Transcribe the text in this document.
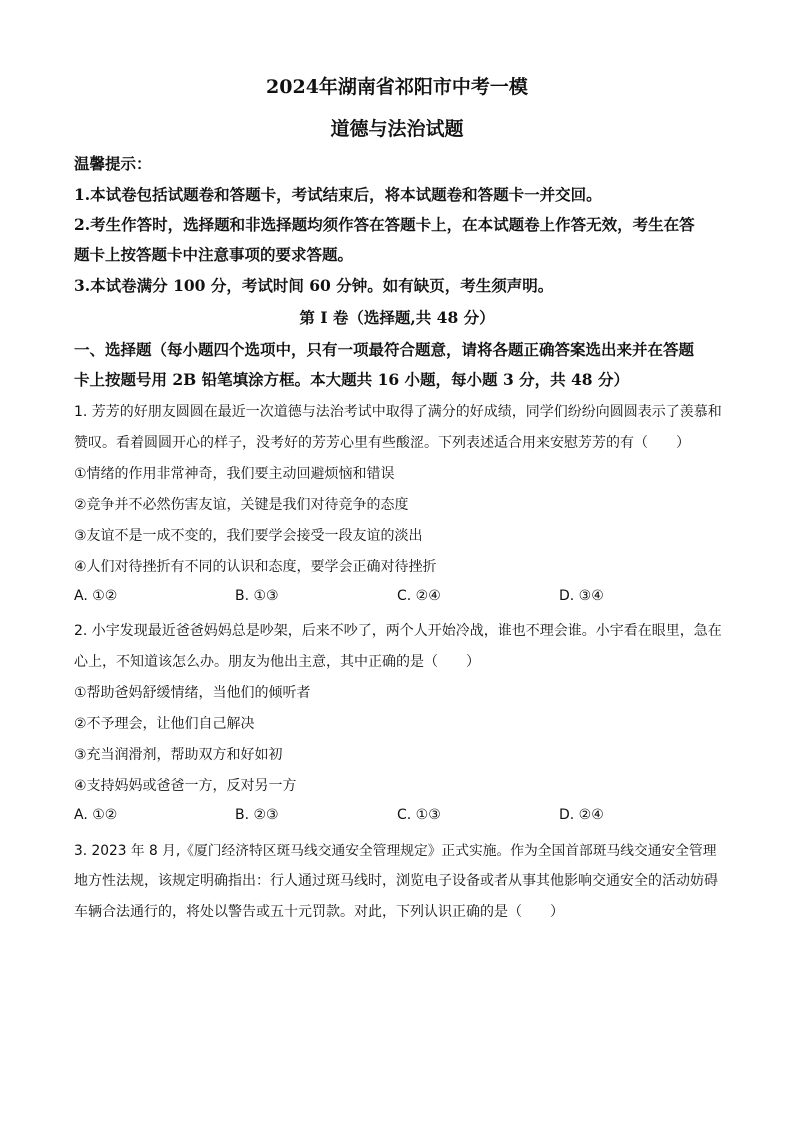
2024年湖南省祁阳市中考一模
道德与法治试题
温馨提示：
1.本试卷包括试题卷和答题卡，考试结束后，将本试题卷和答题卡一并交回。
2.考生作答时，选择题和非选择题均须作答在答题卡上，在本试题卷上作答无效，考生在答
题卡上按答题卡中注意事项的要求答题。
3.本试卷满分 100 分，考试时间 60 分钟。如有缺页，考生须声明。
第 I 卷（选择题,共 48 分）
一、选择题（每小题四个选项中，只有一项最符合题意，请将各题正确答案选出来并在答题
卡上按题号用 2B 铅笔填涂方框。本大题共 16 小题，每小题 3 分，共 48 分）
1. 芳芳的好朋友圆圆在最近一次道德与法治考试中取得了满分的好成绩，同学们纷纷向圆圆表示了羡慕和
赞叹。看着圆圆开心的样子，没考好的芳芳心里有些酸涩。下列表述适合用来安慰芳芳的有（　　）
①情绪的作用非常神奇，我们要主动回避烦恼和错误
②竞争并不必然伤害友谊，关键是我们对待竞争的态度
③友谊不是一成不变的，我们要学会接受一段友谊的淡出
④人们对待挫折有不同的认识和态度，要学会正确对待挫折
A. ①②	B. ①③	C. ②④	D. ③④
2. 小宇发现最近爸爸妈妈总是吵架，后来不吵了，两个人开始冷战，谁也不理会谁。小宇看在眼里，急在
心上，不知道该怎么办。朋友为他出主意，其中正确的是（　　）
①帮助爸妈舒缓情绪，当他们的倾听者
②不予理会，让他们自己解决
③充当润滑剂，帮助双方和好如初
④支持妈妈或爸爸一方，反对另一方
A. ①②	B. ②③	C. ①③	D. ②④
3. 2023 年 8 月,《厦门经济特区斑马线交通安全管理规定》正式实施。作为全国首部斑马线交通安全管理
地方性法规，该规定明确指出：行人通过斑马线时，浏览电子设备或者从事其他影响交通安全的活动妨碍
车辆合法通行的，将处以警告或五十元罚款。对此，下列认识正确的是（　　）
